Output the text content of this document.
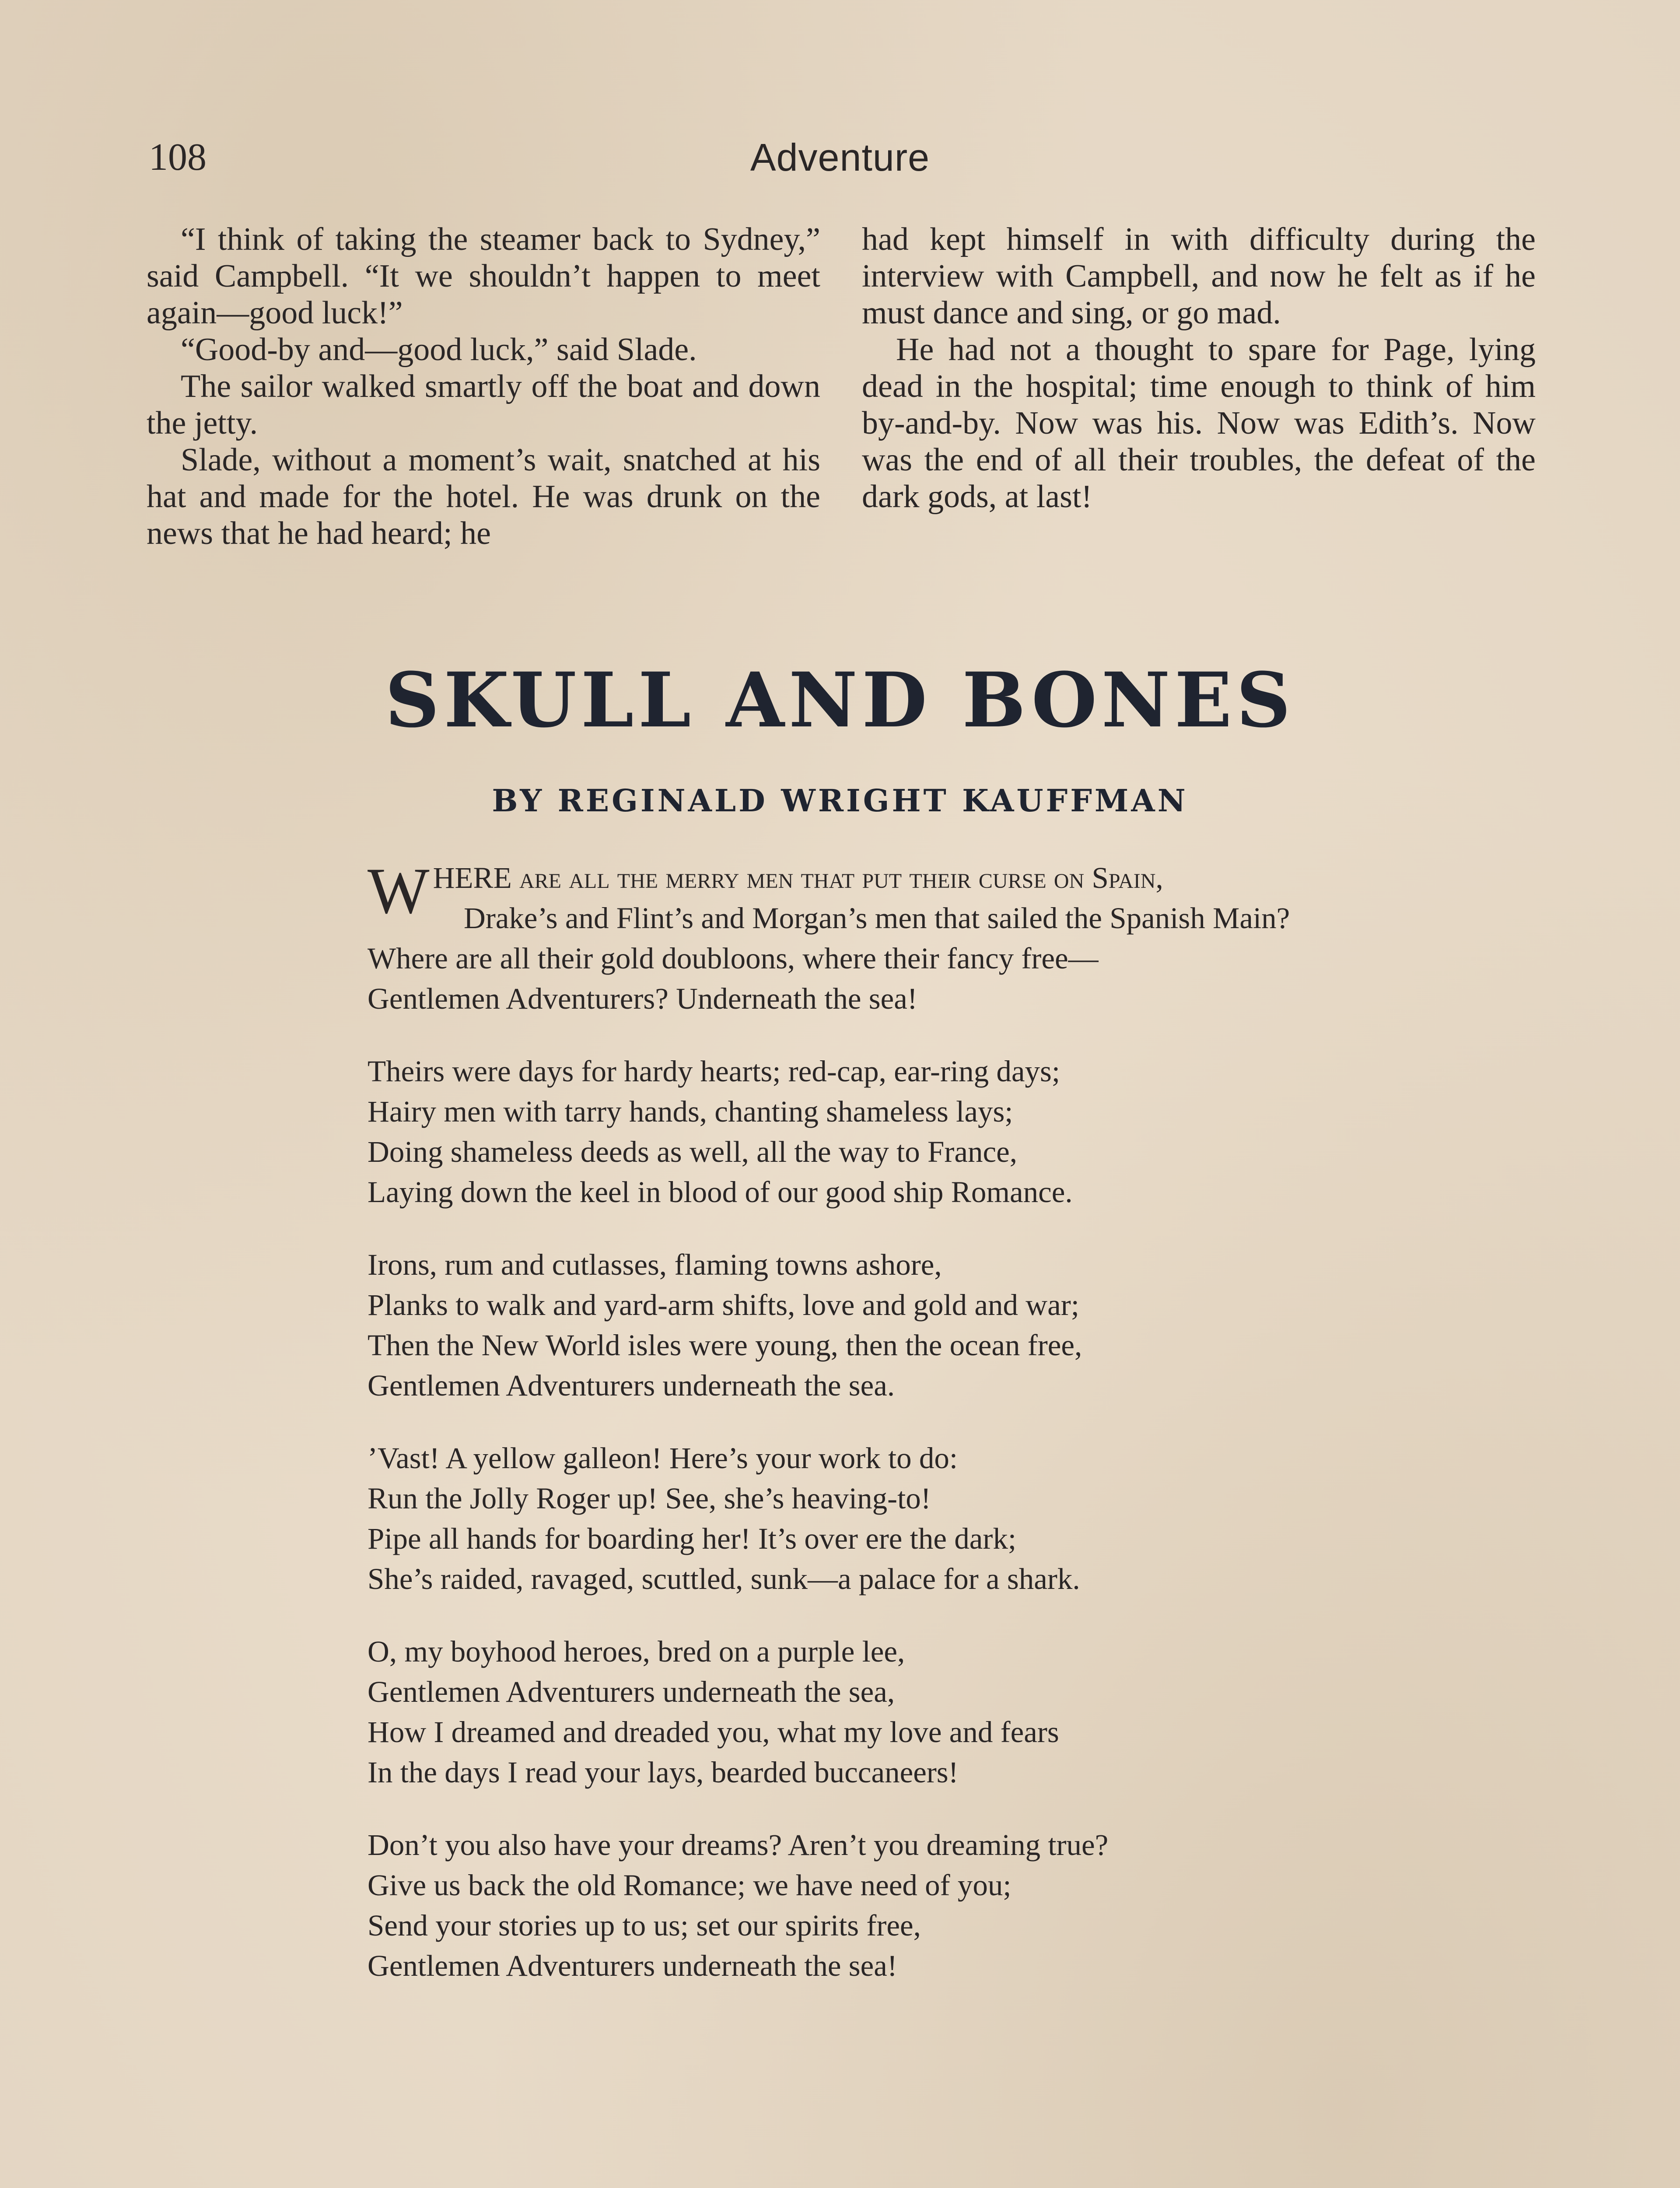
108	Adventure

“I think of taking the steamer back to Sydney,” said Campbell. “It we shouldn’t happen to meet again—good luck!”

“Good-by and—good luck,” said Slade.

The sailor walked smartly off the boat and down the jetty.

Slade, without a moment’s wait, snatched at his hat and made for the hotel. He was drunk on the news that he had heard; he

had kept himself in with difficulty during the interview with Campbell, and now he felt as if he must dance and sing, or go mad.

He had not a thought to spare for Page, lying dead in the hospital; time enough to think of him by-and-by. Now was his. Now was Edith’s. Now was the end of all their troubles, the defeat of the dark gods, at last!

SKULL AND BONES
BY REGINALD WRIGHT KAUFFMAN
W HERE are all the merry men that put their curse on Spain,
Drake’s and Flint’s and Morgan’s men that sailed the Spanish Main?
Where are all their gold doubloons, where their fancy free—
Gentlemen Adventurers? Underneath the sea!
Theirs were days for hardy hearts; red-cap, ear-ring days;
Hairy men with tarry hands, chanting shameless lays;
Doing shameless deeds as well, all the way to France,
Laying down the keel in blood of our good ship Romance.
Irons, rum and cutlasses, flaming towns ashore,
Planks to walk and yard-arm shifts, love and gold and war;
Then the New World isles were young, then the ocean free,
Gentlemen Adventurers underneath the sea.
’Vast! A yellow galleon! Here’s your work to do:
Run the Jolly Roger up! See, she’s heaving-to!
Pipe all hands for boarding her! It’s over ere the dark;
She’s raided, ravaged, scuttled, sunk—a palace for a shark.
O, my boyhood heroes, bred on a purple lee,
Gentlemen Adventurers underneath the sea,
How I dreamed and dreaded you, what my love and fears
In the days I read your lays, bearded buccaneers!
Don’t you also have your dreams? Aren’t you dreaming true?
Give us back the old Romance; we have need of you;
Send your stories up to us; set our spirits free,
Gentlemen Adventurers underneath the sea!
